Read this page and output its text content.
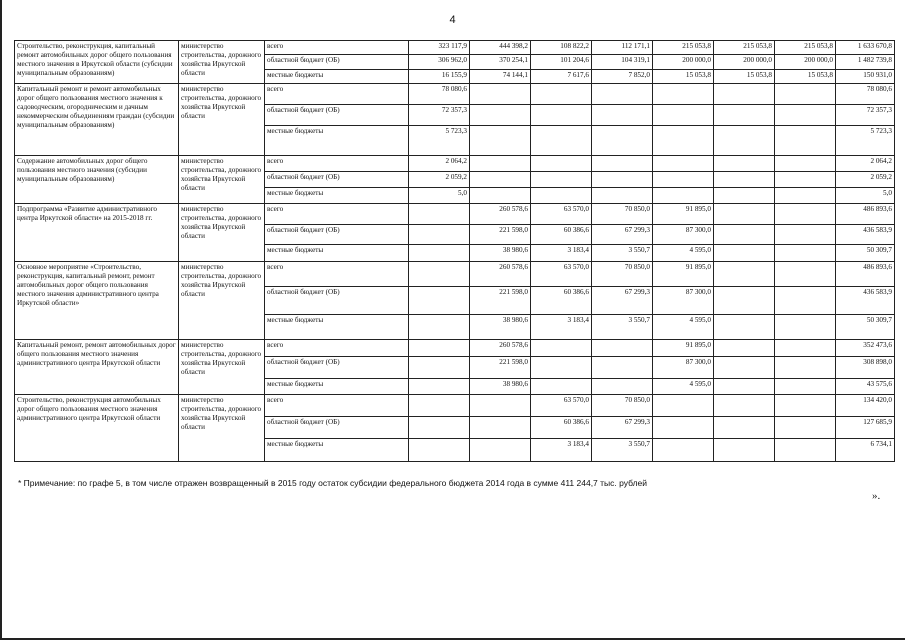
4
Строительство, реконструкция, капитальный ремонт автомобильных дорог общего пользования местного значения в Иркутской области (субсидии муниципальным образованиям)	министерство строительства, дорожного хозяйства Иркутской области	всего	323 117,9	444 398,2	108 822,2	112 171,1	215 053,8	215 053,8	215 053,8	1 633 670,8
		областной бюджет (ОБ)	306 962,0	370 254,1	101 204,6	104 319,1	200 000,0	200 000,0	200 000,0	1 482 739,8
		местные бюджеты	16 155,9	74 144,1	7 617,6	7 852,0	15 053,8	15 053,8	15 053,8	150 931,0
Капитальный ремонт и ремонт автомобильных дорог общего пользования местного значения к садоводческим, огородническим и дачным некоммерческим объединениям граждан (субсидии муниципальным образованиям)	министерство строительства, дорожного хозяйства Иркутской области	всего	78 080,6							78 080,6
		областной бюджет (ОБ)	72 357,3							72 357,3
		местные бюджеты	5 723,3							5 723,3
Содержание автомобильных дорог общего пользования местного значения (субсидии муниципальным образованиям)	министерство строительства, дорожного хозяйства Иркутской области	всего	2 064,2							2 064,2
		областной бюджет (ОБ)	2 059,2							2 059,2
		местные бюджеты	5,0							5,0
Подпрограмма «Развитие административного центра Иркутской области» на 2015-2018 гг.	министерство строительства, дорожного хозяйства Иркутской области	всего		260 578,6	63 570,0	70 850,0	91 895,0			486 893,6
		областной бюджет (ОБ)		221 598,0	60 386,6	67 299,3	87 300,0			436 583,9
		местные бюджеты		38 980,6	3 183,4	3 550,7	4 595,0			50 309,7
Основное мероприятие «Строительство, реконструкция, капитальный ремонт, ремонт автомобильных дорог общего пользования местного значения административного центра Иркутской области»	министерство строительства, дорожного хозяйства Иркутской области	всего		260 578,6	63 570,0	70 850,0	91 895,0			486 893,6
		областной бюджет (ОБ)		221 598,0	60 386,6	67 299,3	87 300,0			436 583,9
		местные бюджеты		38 980,6	3 183,4	3 550,7	4 595,0			50 309,7
Капитальный ремонт, ремонт автомобильных дорог общего пользования местного значения административного центра Иркутской области	министерство строительства, дорожного хозяйства Иркутской области	всего		260 578,6			91 895,0			352 473,6
		областной бюджет (ОБ)		221 598,0			87 300,0			308 898,0
		местные бюджеты		38 980,6			4 595,0			43 575,6
Строительство, реконструкция автомобильных дорог общего пользования местного значения административного центра Иркутской области	министерство строительства, дорожного хозяйства Иркутской области	всего			63 570,0	70 850,0				134 420,0
		областной бюджет (ОБ)			60 386,6	67 299,3				127 685,9
		местные бюджеты			3 183,4	3 550,7				6 734,1
* Примечание: по графе 5, в том числе отражен возвращенный в 2015 году остаток субсидии федерального бюджета 2014 года в сумме 411 244,7 тыс. рублей
».
